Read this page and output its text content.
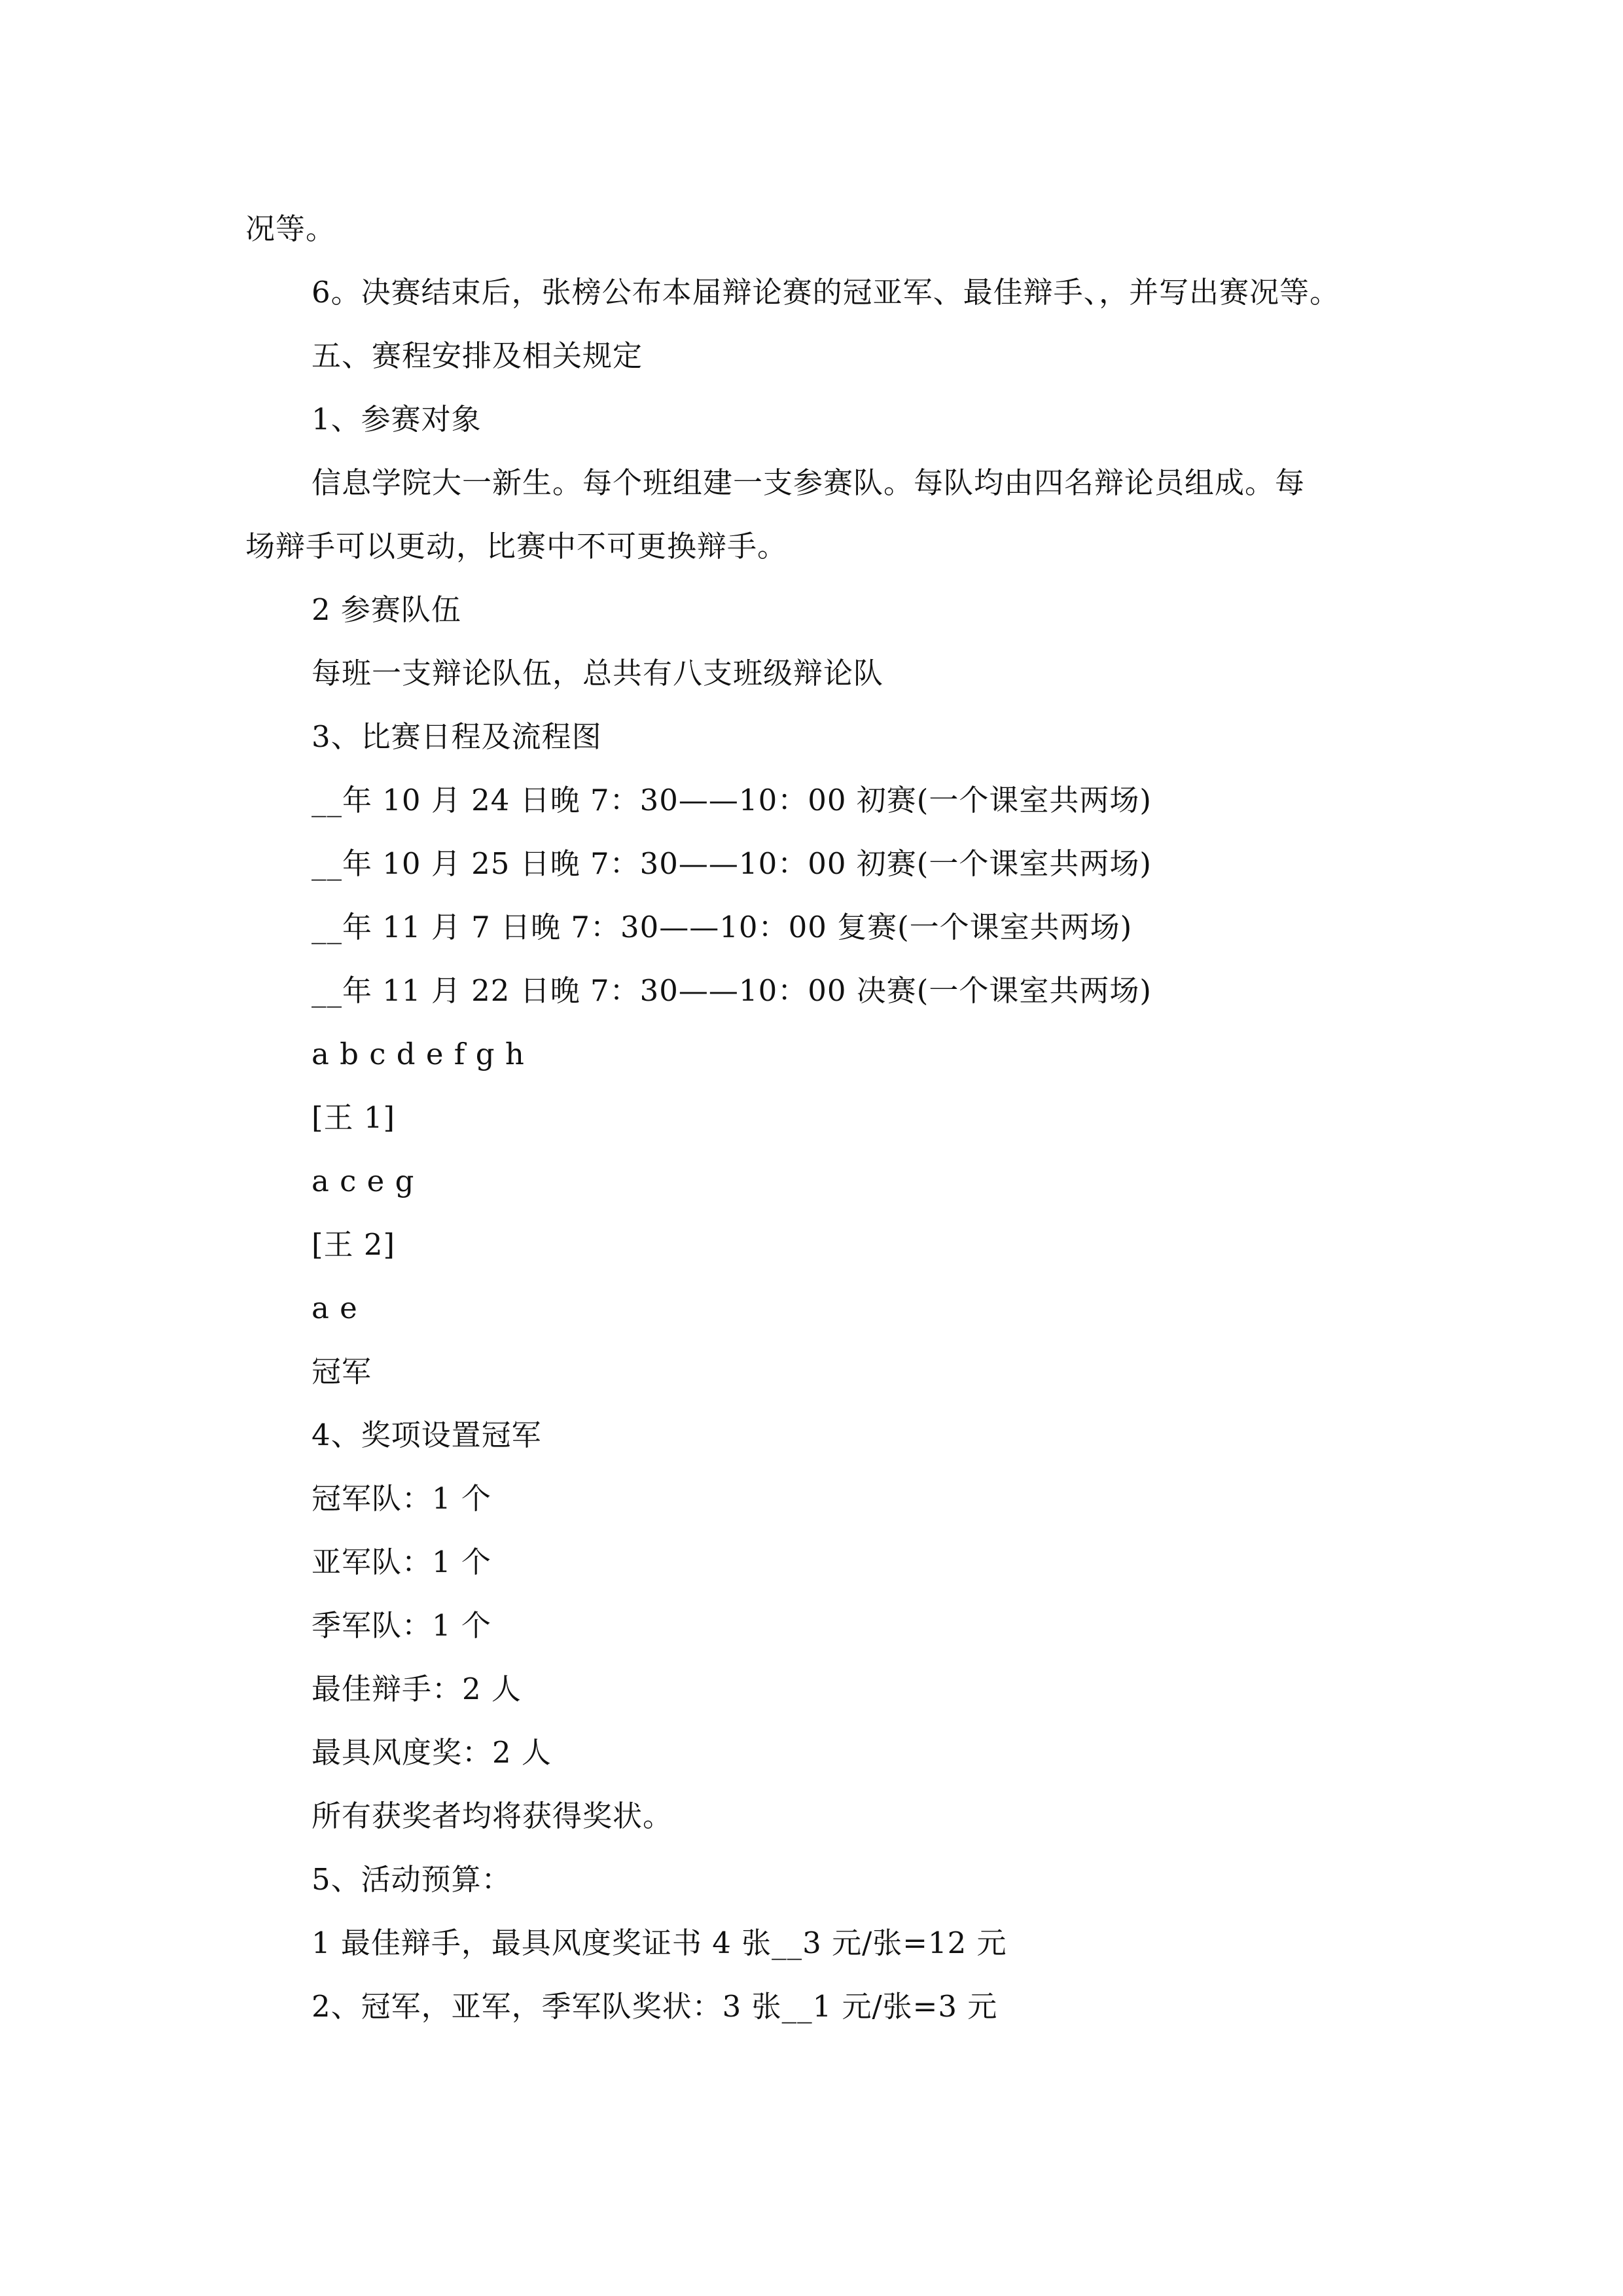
况等。
6。决赛结束后，张榜公布本届辩论赛的冠亚军、最佳辩手、，并写出赛况等。
五、赛程安排及相关规定
1、参赛对象
信息学院大一新生。每个班组建一支参赛队。每队均由四名辩论员组成。每
场辩手可以更动，比赛中不可更换辩手。
2 参赛队伍
每班一支辩论队伍，总共有八支班级辩论队
3、比赛日程及流程图
__年 10 月 24 日晚 7：30——10：00 初赛(一个课室共两场)
__年 10 月 25 日晚 7：30——10：00 初赛(一个课室共两场)
__年 11 月 7 日晚 7：30——10：00 复赛(一个课室共两场)
__年 11 月 22 日晚 7：30——10：00 决赛(一个课室共两场)
a b c d e f g h
[王 1]
a c e g
[王 2]
a e
冠军
4、奖项设置冠军
冠军队：1 个
亚军队：1 个
季军队：1 个
最佳辩手：2 人
最具风度奖：2 人
所有获奖者均将获得奖状。
5、活动预算：
1 最佳辩手，最具风度奖证书 4 张__3 元/张=12 元
2、冠军，亚军，季军队奖状：3 张__1 元/张=3 元
